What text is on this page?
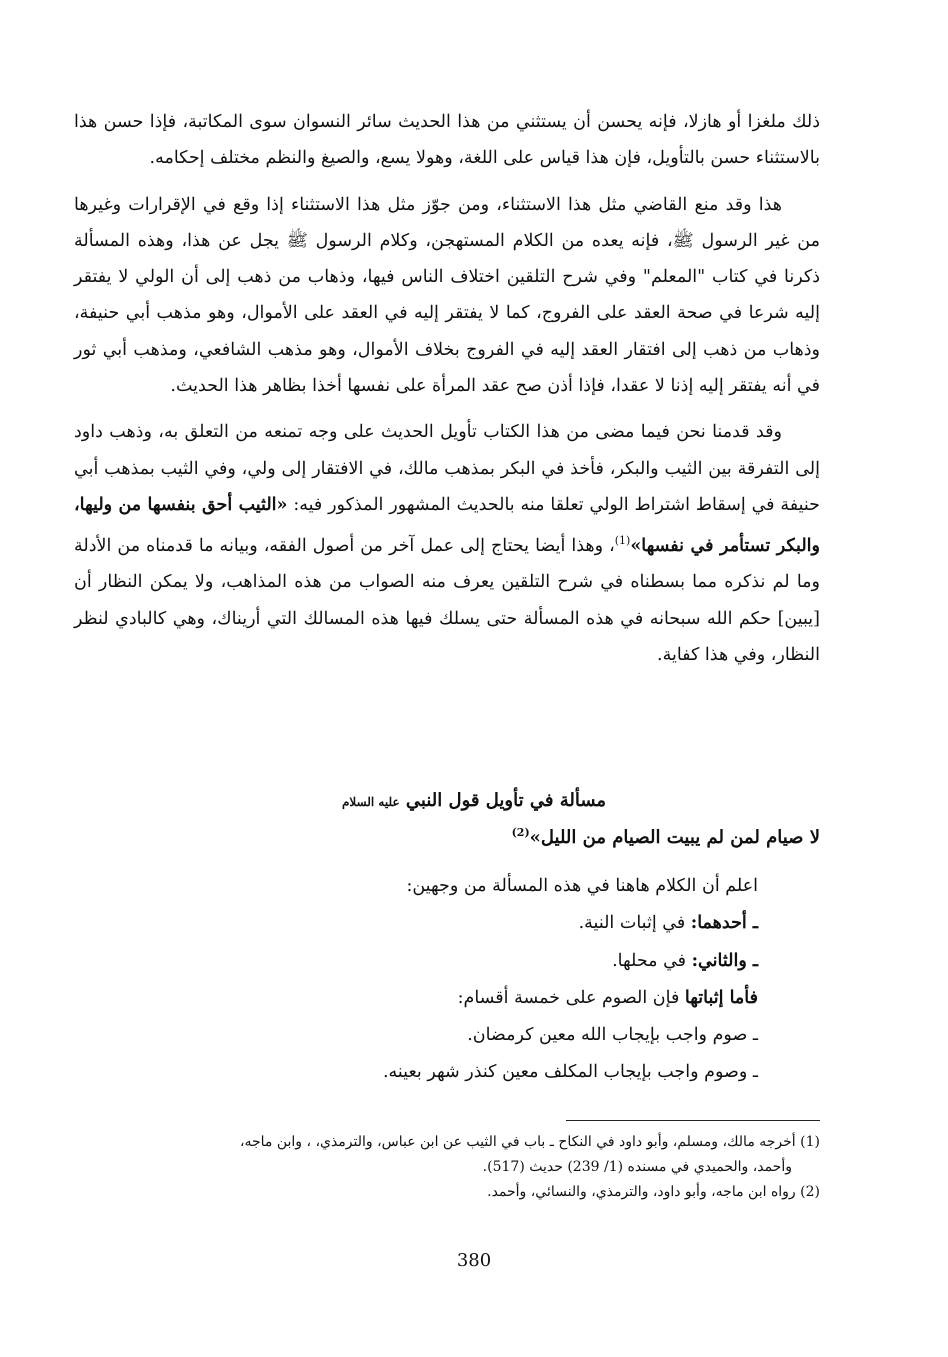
ذلك ملغزا أو هازلا، فإنه يحسن أن يستثني من هذا الحديث سائر النسوان سوى المكاتبة، فإذا حسن هذا بالاستثناء حسن بالتأويل، فإن هذا قياس على اللغة، وهولا يسع، والصيغ والنظم مختلف إحكامه.

هذا وقد منع القاضي مثل هذا الاستثناء، ومن جوّز مثل هذا الاستثناء إذا وقع في الإقرارات وغيرها من غير الرسول ﷺ، فإنه يعده من الكلام المستهجن، وكلام الرسول ﷺ يجل عن هذا، وهذه المسألة ذكرنا في كتاب "المعلم" وفي شرح التلقين اختلاف الناس فيها، وذهاب من ذهب إلى أن الولي لا يفتقر إليه شرعا في صحة العقد على الفروج، كما لا يفتقر إليه في العقد على الأموال، وهو مذهب أبي حنيفة، وذهاب من ذهب إلى افتقار العقد إليه في الفروج بخلاف الأموال، وهو مذهب الشافعي، ومذهب أبي ثور في أنه يفتقر إليه إذنا لا عقدا، فإذا أذن صح عقد المرأة على نفسها أخذا بظاهر هذا الحديث.

وقد قدمنا نحن فيما مضى من هذا الكتاب تأويل الحديث على وجه تمنعه من التعلق به، وذهب داود إلى التفرقة بين الثيب والبكر، فأخذ في البكر بمذهب مالك، في الافتقار إلى ولي، وفي الثيب بمذهب أبي حنيفة في إسقاط اشتراط الولي تعلقا منه بالحديث المشهور المذكور فيه: «الثيب أحق بنفسها من وليها، والبكر تستأمر في نفسها»$^{(1)}$، وهذا أيضا يحتاج إلى عمل آخر من أصول الفقه، وبيانه ما قدمناه من الأدلة وما لم نذكره مما بسطناه في شرح التلقين يعرف منه الصواب من هذه المذاهب، ولا يمكن النظار أن [يبين] حكم الله سبحانه في هذه المسألة حتى يسلك فيها هذه المسالك التي أريناك، وهي كالبادي لنظر النظار، وفي هذا كفاية.

مسألة في تأويل قول النبي عليه السلام
لا صيام لمن لم يبيت الصيام من الليل»$^{(2)}$
اعلم أن الكلام هاهنا في هذه المسألة من وجهين:
ـ أحدهما: في إثبات النية.
ـ والثاني: في محلها.
فأما إثباتها فإن الصوم على خمسة أقسام:
ـ صوم واجب بإيجاب الله معين كرمضان.
ـ وصوم واجب بإيجاب المكلف معين كنذر شهر بعينه.
(1) أخرجه مالك، ومسلم، وأبو داود في النكاح ـ باب في الثيب عن ابن عباس، والترمذي، ، وابن ماجه،
وأحمد، والحميدي في مسنده (1/ 239) حديث (517).
(2) رواه ابن ماجه، وأبو داود، والترمذي، والنسائي، وأحمد.
380
